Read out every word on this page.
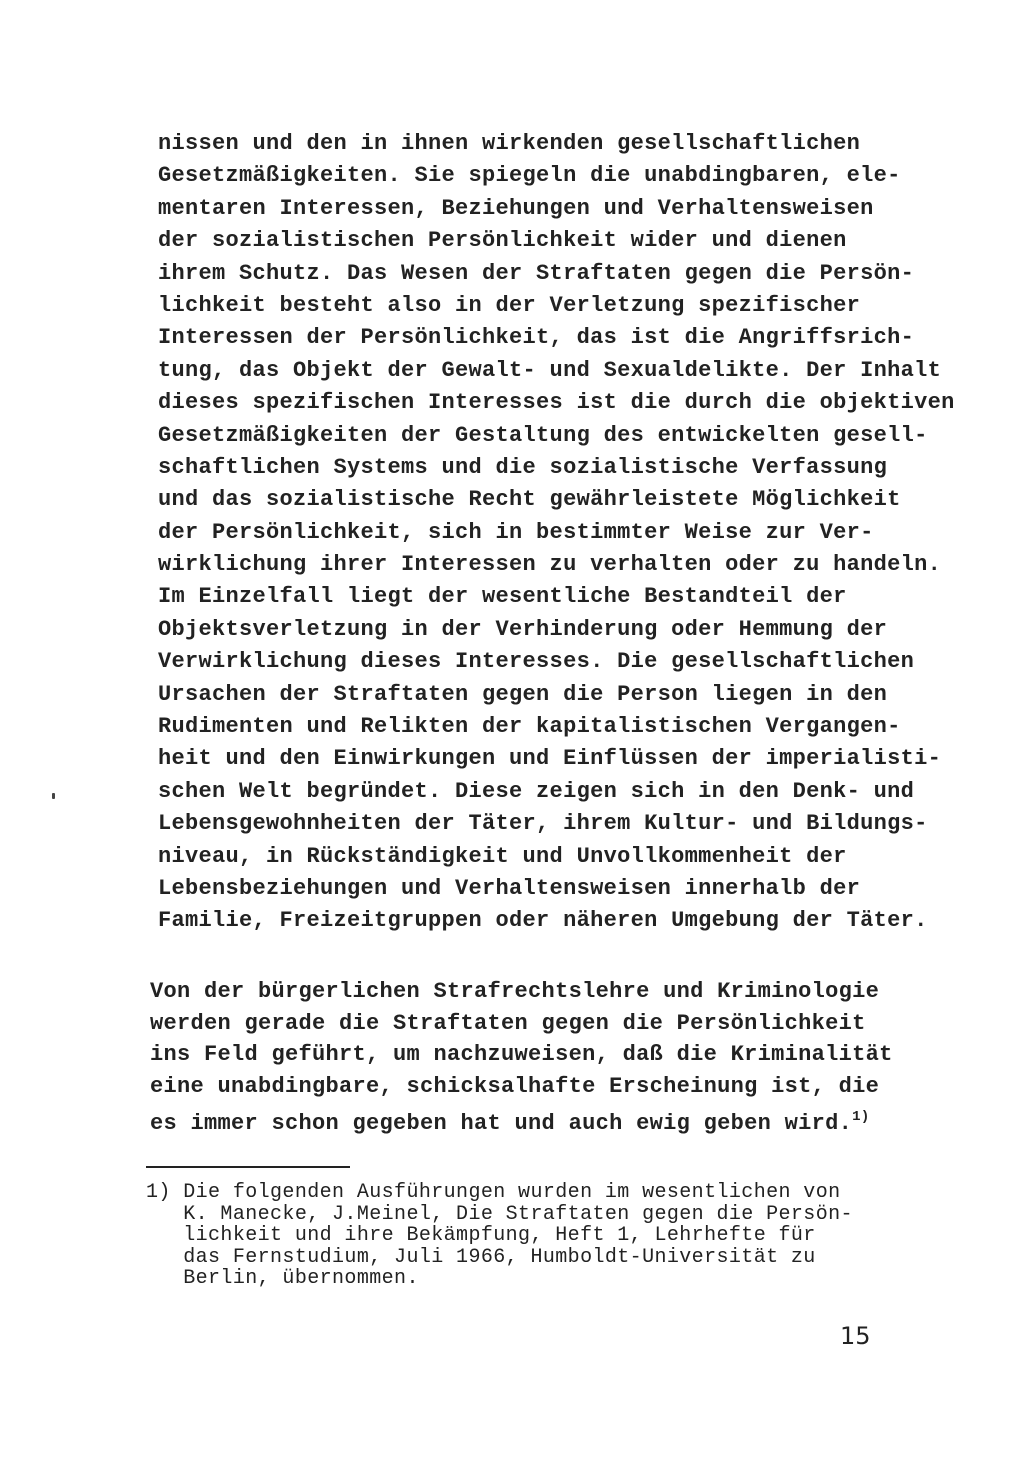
nissen und den in ihnen wirkenden gesellschaftlichen
Gesetzmäßigkeiten. Sie spiegeln die unabdingbaren, ele-
mentaren Interessen, Beziehungen und Verhaltensweisen
der sozialistischen Persönlichkeit wider und dienen
ihrem Schutz. Das Wesen der Straftaten gegen die Persön-
lichkeit besteht also in der Verletzung spezifischer
Interessen der Persönlichkeit, das ist die Angriffsrich-
tung, das Objekt der Gewalt- und Sexualdelikte. Der Inhalt
dieses spezifischen Interesses ist die durch die objektiven
Gesetzmäßigkeiten der Gestaltung des entwickelten gesell-
schaftlichen Systems und die sozialistische Verfassung
und das sozialistische Recht gewährleistete Möglichkeit
der Persönlichkeit, sich in bestimmter Weise zur Ver-
wirklichung ihrer Interessen zu verhalten oder zu handeln.
Im Einzelfall liegt der wesentliche Bestandteil der
Objektsverletzung in der Verhinderung oder Hemmung der
Verwirklichung dieses Interesses. Die gesellschaftlichen
Ursachen der Straftaten gegen die Person liegen in den
Rudimenten und Relikten der kapitalistischen Vergangen-
heit und den Einwirkungen und Einflüssen der imperialisti-
schen Welt begründet. Diese zeigen sich in den Denk- und
Lebensgewohnheiten der Täter, ihrem Kultur- und Bildungs-
niveau, in Rückständigkeit und Unvollkommenheit der
Lebensbeziehungen und Verhaltensweisen innerhalb der
Familie, Freizeitgruppen oder näheren Umgebung der Täter.
Von der bürgerlichen Strafrechtslehre und Kriminologie
werden gerade die Straftaten gegen die Persönlichkeit
ins Feld geführt, um nachzuweisen, daß die Kriminalität
eine unabdingbare, schicksalhafte Erscheinung ist, die
es immer schon gegeben hat und auch ewig geben wird.$^{1)}$
1) Die folgenden Ausführungen wurden im wesentlichen von
K. Manecke, J.Meinel, Die Straftaten gegen die Persön-
lichkeit und ihre Bekämpfung, Heft 1, Lehrhefte für
das Fernstudium, Juli 1966, Humboldt-Universität zu
Berlin, übernommen.
15
